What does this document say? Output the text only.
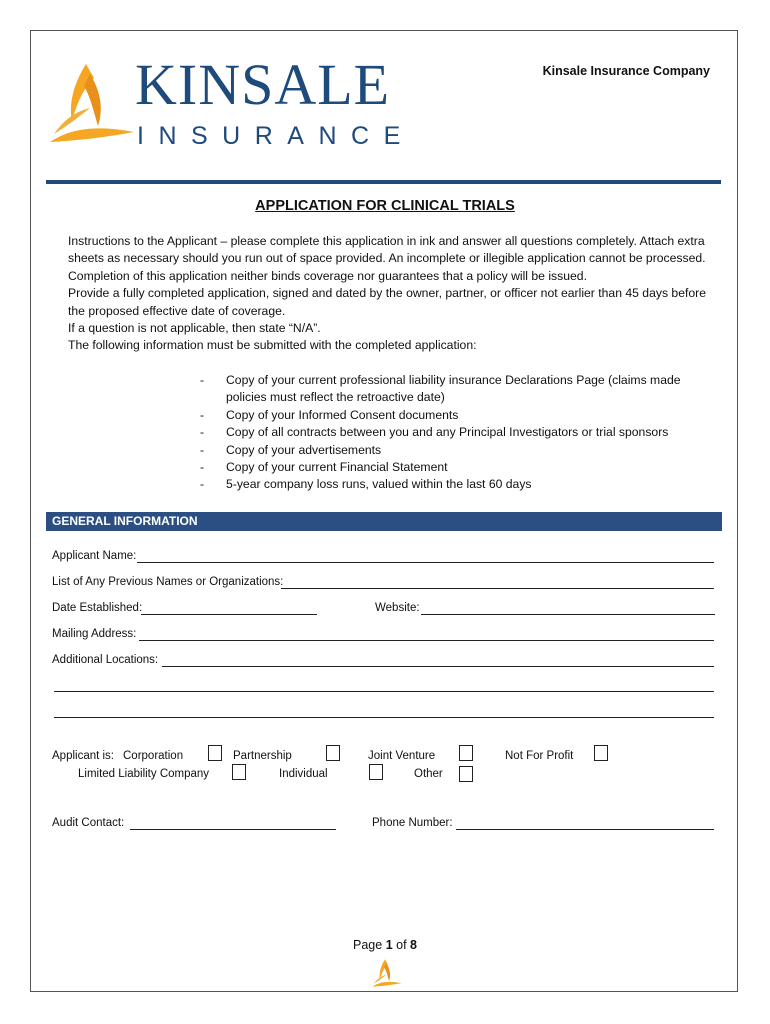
KINSALE
INSURANCE
Kinsale Insurance Company
APPLICATION FOR CLINICAL TRIALS

Instructions to the Applicant – please complete this application in ink and answer all questions completely. Attach extra sheets as necessary should you run out of space provided. An incomplete or illegible application cannot be processed. Completion of this application neither binds coverage nor guarantees that a policy will be issued.

Provide a fully completed application, signed and dated by the owner, partner, or officer not earlier than 45 days before the proposed effective date of coverage.

If a question is not applicable, then state “N/A”.

The following information must be submitted with the completed application:

-	Copy of your current professional liability insurance Declarations Page (claims made policies must reflect the retroactive date)
-	Copy of your Informed Consent documents
-	Copy of all contracts between you and any Principal Investigators or trial sponsors
-	Copy of your advertisements
-	Copy of your current Financial Statement
-	5-year company loss runs, valued within the last 60 days
GENERAL INFORMATION
Applicant Name:
List of Any Previous Names or Organizations:
Date Established:	Website:
Mailing Address:
Additional Locations:
Applicant is: Corporation	Partnership	Joint Venture	Not For Profit
Limited Liability Company	Individual	Other
Audit Contact:	Phone Number:
Page 1 of 8
